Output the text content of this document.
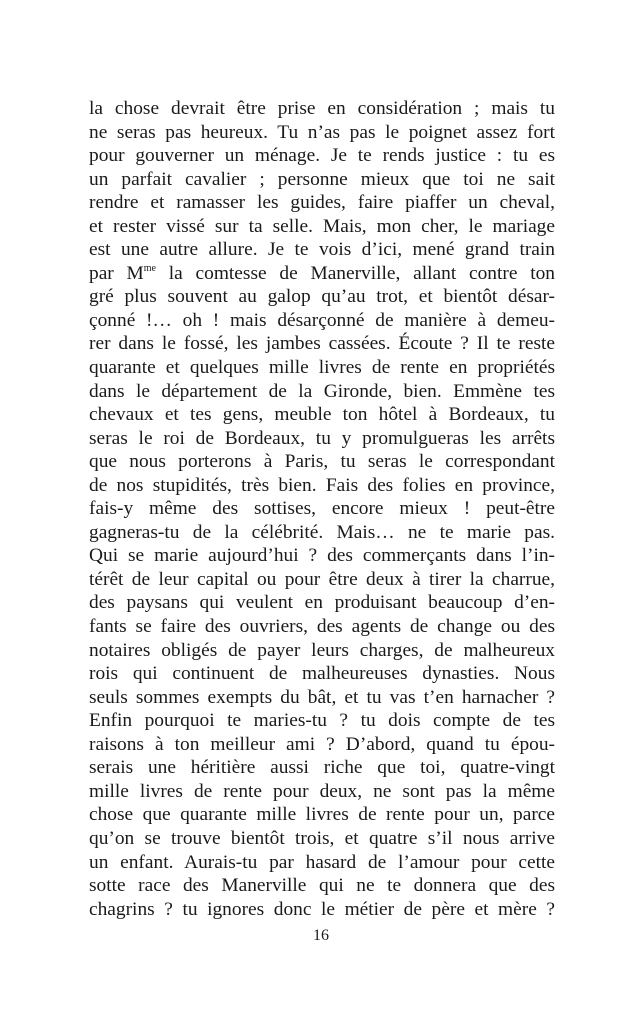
la chose devrait être prise en considération ; mais tu
ne seras pas heureux. Tu n’as pas le poignet assez fort
pour gouverner un ménage. Je te rends justice : tu es
un parfait cavalier ; personne mieux que toi ne sait
rendre et ramasser les guides, faire piaffer un cheval,
et rester vissé sur ta selle. Mais, mon cher, le mariage
est une autre allure. Je te vois d’ici, mené grand train
par $M^{me}$ la comtesse de Manerville, allant contre ton
gré plus souvent au galop qu’au trot, et bientôt désar-
çonné !… oh ! mais désarçonné de manière à demeu-
rer dans le fossé, les jambes cassées. Écoute ? Il te reste
quarante et quelques mille livres de rente en propriétés
dans le département de la Gironde, bien. Emmène tes
chevaux et tes gens, meuble ton hôtel à Bordeaux, tu
seras le roi de Bordeaux, tu y promulgueras les arrêts
que nous porterons à Paris, tu seras le correspondant
de nos stupidités, très bien. Fais des folies en province,
fais-y même des sottises, encore mieux ! peut-être
gagneras-tu de la célébrité. Mais… ne te marie pas.
Qui se marie aujourd’hui ? des commerçants dans l’in-
térêt de leur capital ou pour être deux à tirer la charrue,
des paysans qui veulent en produisant beaucoup d’en-
fants se faire des ouvriers, des agents de change ou des
notaires obligés de payer leurs charges, de malheureux
rois qui continuent de malheureuses dynasties. Nous
seuls sommes exempts du bât, et tu vas t’en harnacher ?
Enfin pourquoi te maries-tu ? tu dois compte de tes
raisons à ton meilleur ami ? D’abord, quand tu épou-
serais une héritière aussi riche que toi, quatre-vingt
mille livres de rente pour deux, ne sont pas la même
chose que quarante mille livres de rente pour un, parce
qu’on se trouve bientôt trois, et quatre s’il nous arrive
un enfant. Aurais-tu par hasard de l’amour pour cette
sotte race des Manerville qui ne te donnera que des
chagrins ? tu ignores donc le métier de père et mère ?
16
